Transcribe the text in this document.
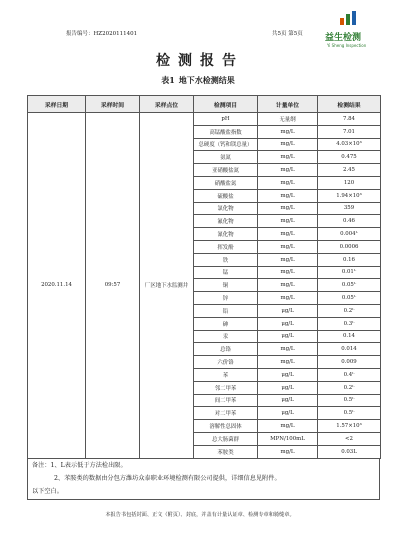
报告编号：HZ2020111401	共5页 第5页 益生检测
Yi Sheng Inspection
检测报告
表1 地下水检测结果
采样日期	采样时间	采样点位	检测项目	计量单位	检测结果
2020.11.14	09:57	厂区地下水监测井	pH	无量纲	7.84
			高锰酸盐指数	mg/L	7.01
			总硬度（钙和镁总量）	mg/L	4.03×10³
			氨氮	mg/L	0.475
			亚硝酸盐氮	mg/L	2.45
			硝酸盐氮	mg/L	120
			硫酸盐	mg/L	1.94×10³
			氯化物	mg/L	359
			氟化物	mg/L	0.46
			氰化物	mg/L	0.004ᴸ
			挥发酚	mg/L	0.0006
			铁	mg/L	0.16
			锰	mg/L	0.01ᴸ
			铜	mg/L	0.05ᴸ
			锌	mg/L	0.05ᴸ
			铅	μg/L	0.2ᴸ
			砷	μg/L	0.3ᴸ
			汞	μg/L	0.14
			总铬	mg/L	0.014
			六价铬	mg/L	0.009
			苯	μg/L	0.4ᴸ
			邻二甲苯	μg/L	0.2ᴸ
			间二甲苯	μg/L	0.5ᴸ
			对二甲苯	μg/L	0.5ᴸ
			溶解性总固体	mg/L	1.57×10³
			总大肠菌群	MPN/100mL	<2
			苯胺类	mg/L	0.03L
备注：1、L表示低于方法检出限。
2、苯胺类的数据由分包方潍坊众泰职业环境检测有限公司提供，详细信息见附件。
以下空白。
本报告书包括封面、正文（附页）、封底，并盖有计量认证章、检测专章和骑缝章。
